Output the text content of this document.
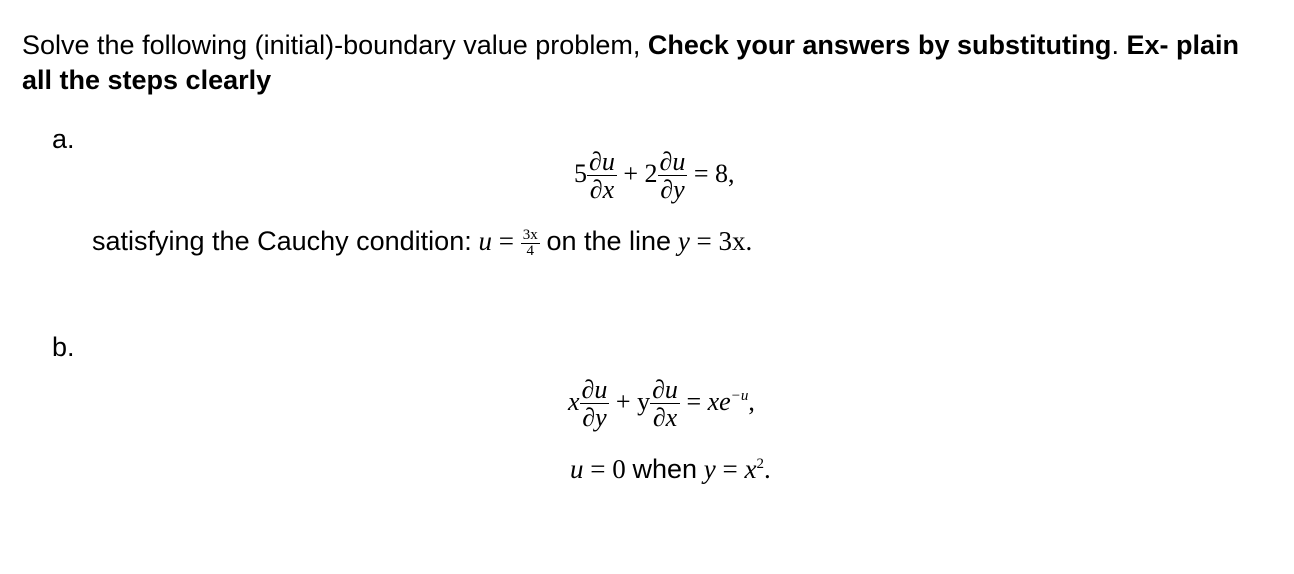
Solve the following (initial)-boundary value problem, Check your answers by substituting. Ex- plain all the steps clearly
a.
$5 \frac{\partial u}{\partial x} + 2 \frac{\partial u}{\partial y} = 8$,
satisfying the Cauchy condition: $u = \frac{3x}{4}$ on the line y = 3x.
b.
x $\frac{\partial u}{\partial y} + y \frac{\partial u}{\partial x} = xe^{-u}$,
u = 0 when $y = x^2$.
